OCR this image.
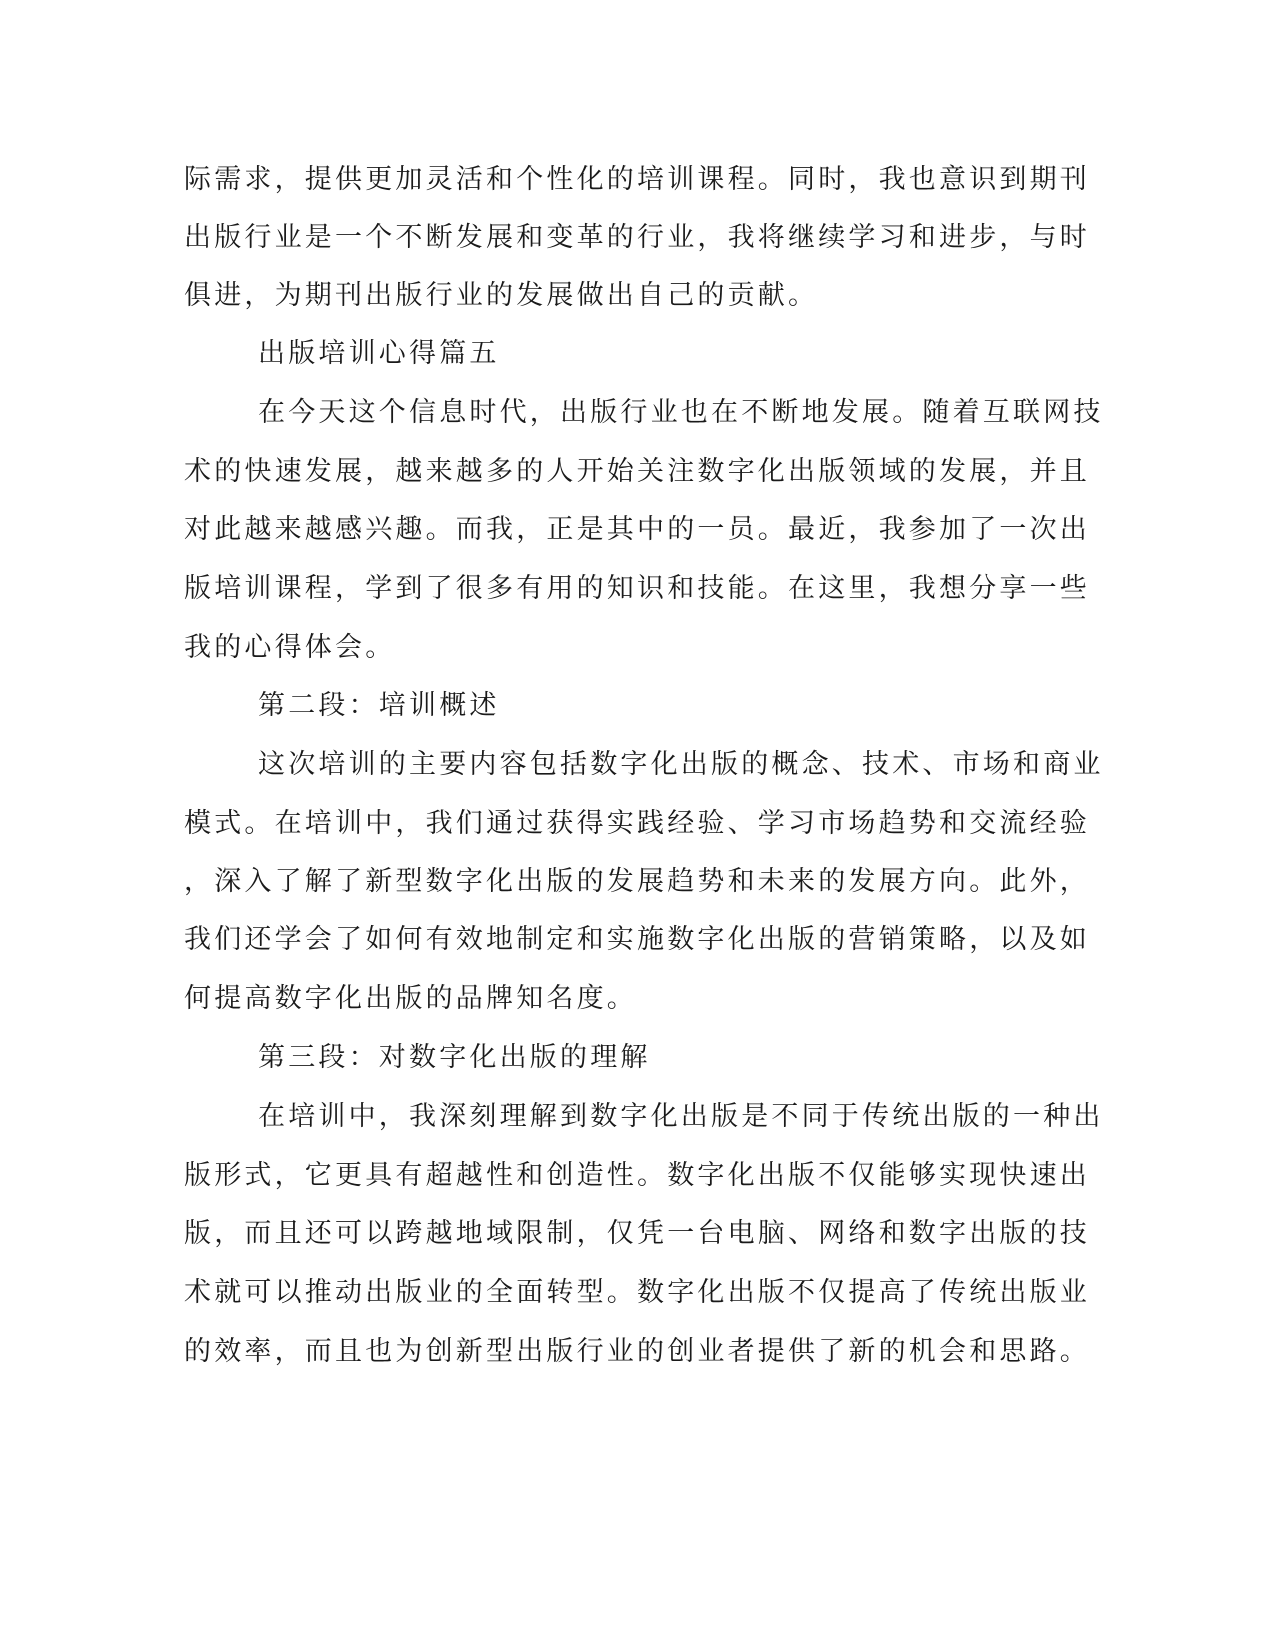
际需求，提供更加灵活和个性化的培训课程。同时，我也意识到期刊
出版行业是一个不断发展和变革的行业，我将继续学习和进步，与时
俱进，为期刊出版行业的发展做出自己的贡献。
出版培训心得篇五
在今天这个信息时代，出版行业也在不断地发展。随着互联网技
术的快速发展，越来越多的人开始关注数字化出版领域的发展，并且
对此越来越感兴趣。而我，正是其中的一员。最近，我参加了一次出
版培训课程，学到了很多有用的知识和技能。在这里，我想分享一些
我的心得体会。
第二段：培训概述
这次培训的主要内容包括数字化出版的概念、技术、市场和商业
模式。在培训中，我们通过获得实践经验、学习市场趋势和交流经验
，深入了解了新型数字化出版的发展趋势和未来的发展方向。此外，
我们还学会了如何有效地制定和实施数字化出版的营销策略，以及如
何提高数字化出版的品牌知名度。
第三段：对数字化出版的理解
在培训中，我深刻理解到数字化出版是不同于传统出版的一种出
版形式，它更具有超越性和创造性。数字化出版不仅能够实现快速出
版，而且还可以跨越地域限制，仅凭一台电脑、网络和数字出版的技
术就可以推动出版业的全面转型。数字化出版不仅提高了传统出版业
的效率，而且也为创新型出版行业的创业者提供了新的机会和思路。
